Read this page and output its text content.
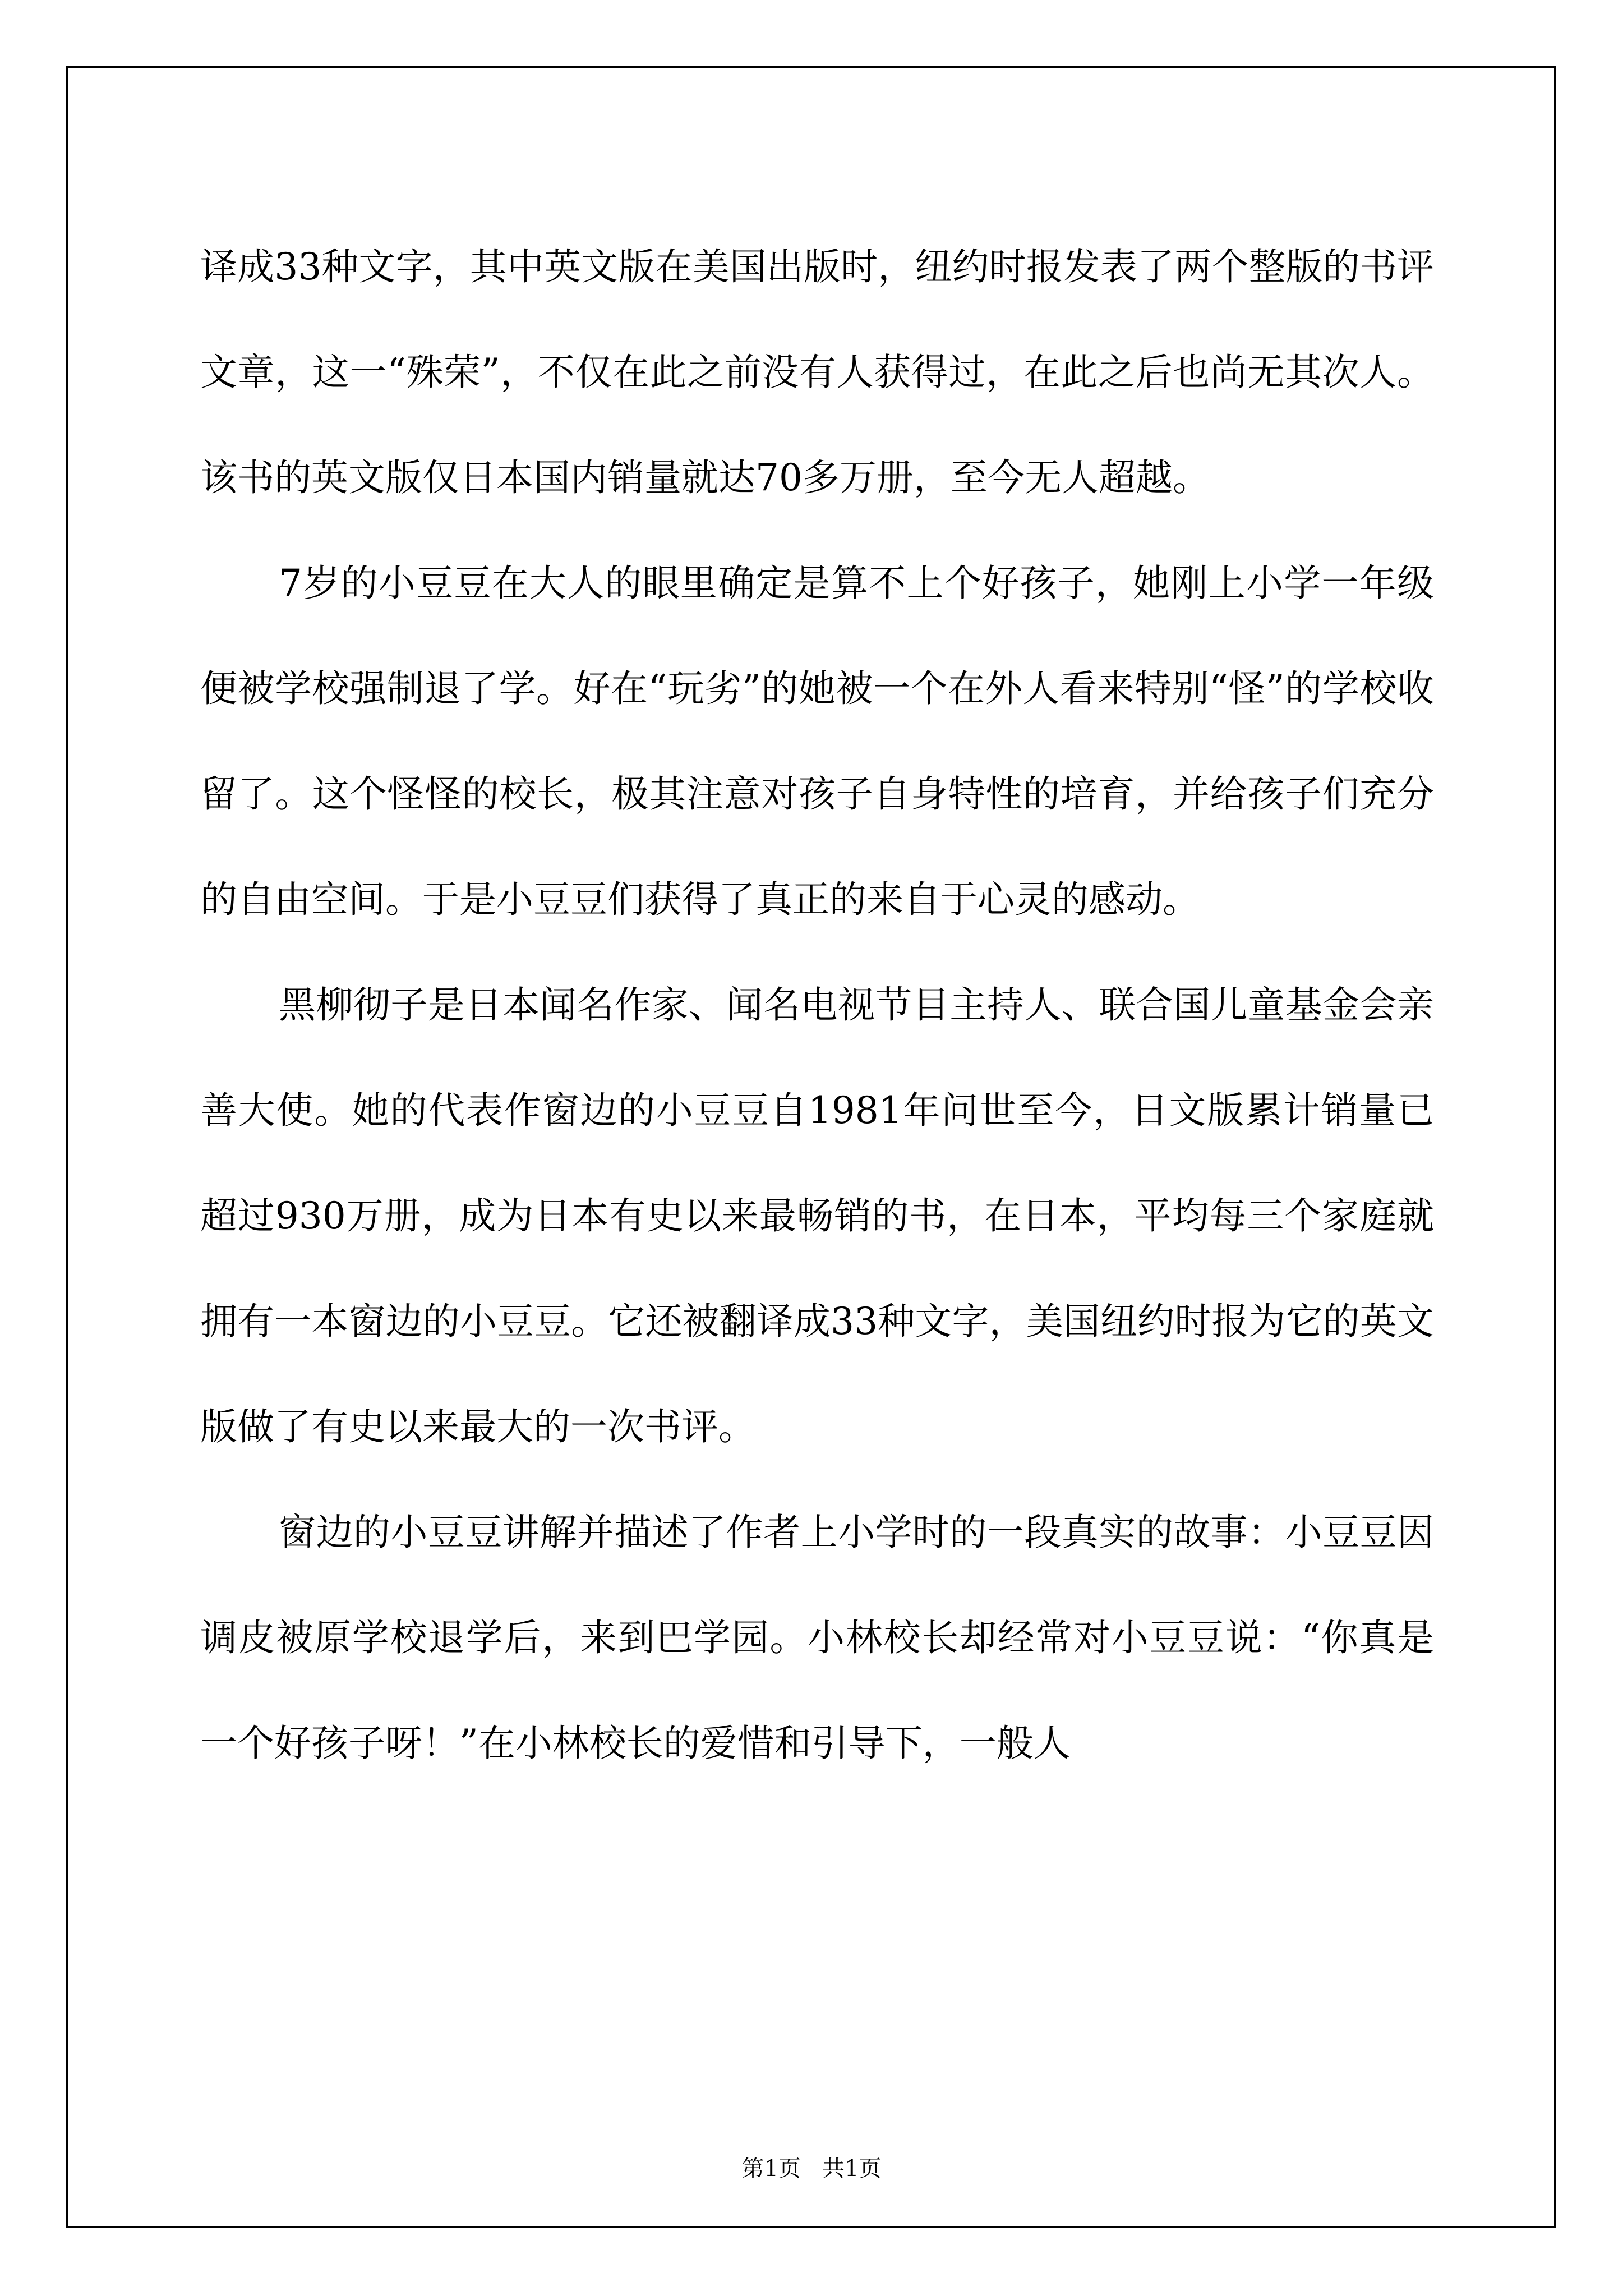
译成33种文字，其中英文版在美国出版时，纽约时报发表了两个整版的书评文章，这一“殊荣”，不仅在此之前没有人获得过，在此之后也尚无其次人。该书的英文版仅日本国内销量就达70多万册，至今无人超越。

7岁的小豆豆在大人的眼里确定是算不上个好孩子，她刚上小学一年级便被学校强制退了学。好在“玩劣”的她被一个在外人看来特别“怪”的学校收留了。这个怪怪的校长，极其注意对孩子自身特性的培育，并给孩子们充分的自由空间。于是小豆豆们获得了真正的来自于心灵的感动。

黑柳彻子是日本闻名作家、闻名电视节目主持人、联合国儿童基金会亲善大使。她的代表作窗边的小豆豆自1981年问世至今，日文版累计销量已超过930万册，成为日本有史以来最畅销的书，在日本，平均每三个家庭就拥有一本窗边的小豆豆。它还被翻译成33种文字，美国纽约时报为它的英文版做了有史以来最大的一次书评。

窗边的小豆豆讲解并描述了作者上小学时的一段真实的故事：小豆豆因调皮被原学校退学后，来到巴学园。小林校长却经常对小豆豆说：“你真是一个好孩子呀！”在小林校长的爱惜和引导下，一般人

第1页   共1页
